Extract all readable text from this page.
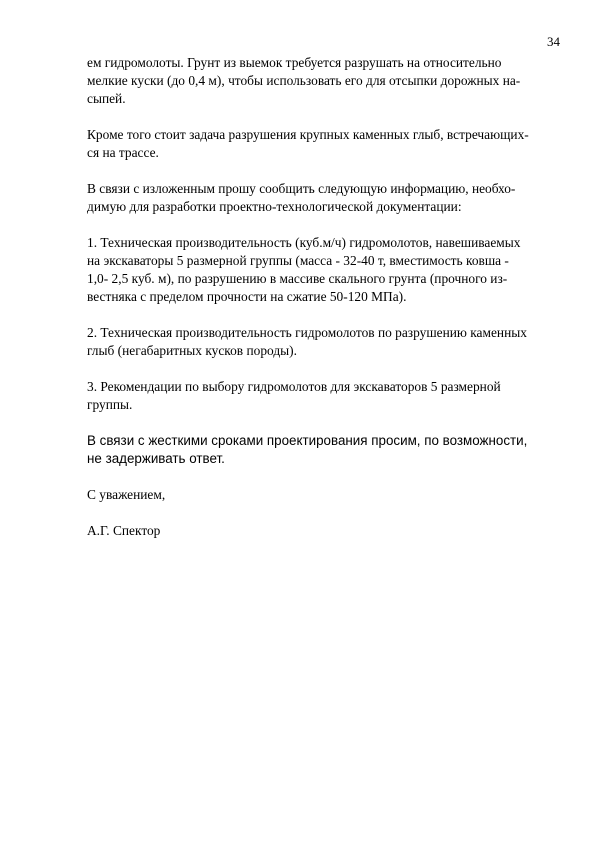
34

ем гидромолоты. Грунт из выемок требуется разрушать на относительно
мелкие куски (до 0,4 м), чтобы использовать его для отсыпки дорожных на-
сыпей.

Кроме того стоит задача разрушения крупных каменных глыб, встречающих-
ся на трассе.

В связи с изложенным прошу сообщить следующую информацию, необхо-
димую для разработки проектно-технологической документации:

1. Техническая производительность (куб.м/ч) гидромолотов, навешиваемых
на экскаваторы 5 размерной группы (масса - 32-40 т, вместимость ковша -
1,0- 2,5 куб. м), по разрушению в массиве скального грунта (прочного из-
вестняка с пределом прочности на сжатие 50-120 МПа).

2. Техническая производительность гидромолотов по разрушению каменных
глыб (негабаритных кусков породы).

3. Рекомендации по выбору гидромолотов для экскаваторов 5 размерной
группы.

В связи с жесткими сроками проектирования просим, по возможности,
не задерживать ответ.

С уважением,

А.Г. Спектор
